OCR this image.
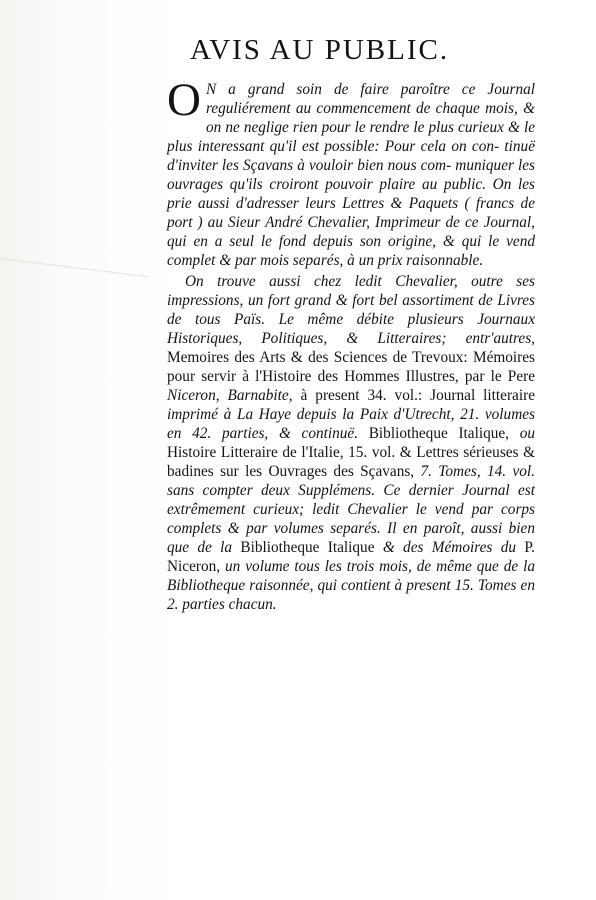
AVIS AU PUBLIC.

O N a grand soin de faire paroître ce Journal reguliérement au commencement de chaque mois, & on ne neglige rien pour le rendre le plus curieux & le plus interessant qu'il est possible: Pour cela on con- tinuë d'inviter les Sçavans à vouloir bien nous com- muniquer les ouvrages qu'ils croiront pouvoir plaire au public. On les prie aussi d'adresser leurs Lettres & Paquets ( francs de port ) au Sieur André Chevalier, Imprimeur de ce Journal, qui en a seul le fond depuis son origine, & qui le vend complet & par mois separés, à un prix raisonnable.

On trouve aussi chez ledit Chevalier, outre ses impressions, un fort grand & fort bel assortiment de Livres de tous Païs. Le même débite plusieurs Journaux Historiques, Politiques, & Litteraires; entr'autres, Memoires des Arts & des Sciences de Trevoux: Mémoires pour servir à l'Histoire des Hommes Illustres, par le Pere Niceron, Barnabite, à present 34. vol.: Journal litteraire imprimé à La Haye depuis la Paix d'Utrecht, 21. volumes en 42. parties, & continuë. Bibliotheque Italique, ou Histoire Litteraire de l'Italie, 15. vol. & Lettres sérieuses & badines sur les Ouvrages des Sçavans, 7. Tomes, 14. vol. sans compter deux Supplémens. Ce dernier Journal est extrêmement curieux; ledit Chevalier le vend par corps complets & par volumes separés. Il en paroît, aussi bien que de la Bibliotheque Italique & des Mémoires du P. Niceron, un volume tous les trois mois, de même que de la Bibliotheque raisonnée, qui contient à present 15. Tomes en 2. parties chacun.
